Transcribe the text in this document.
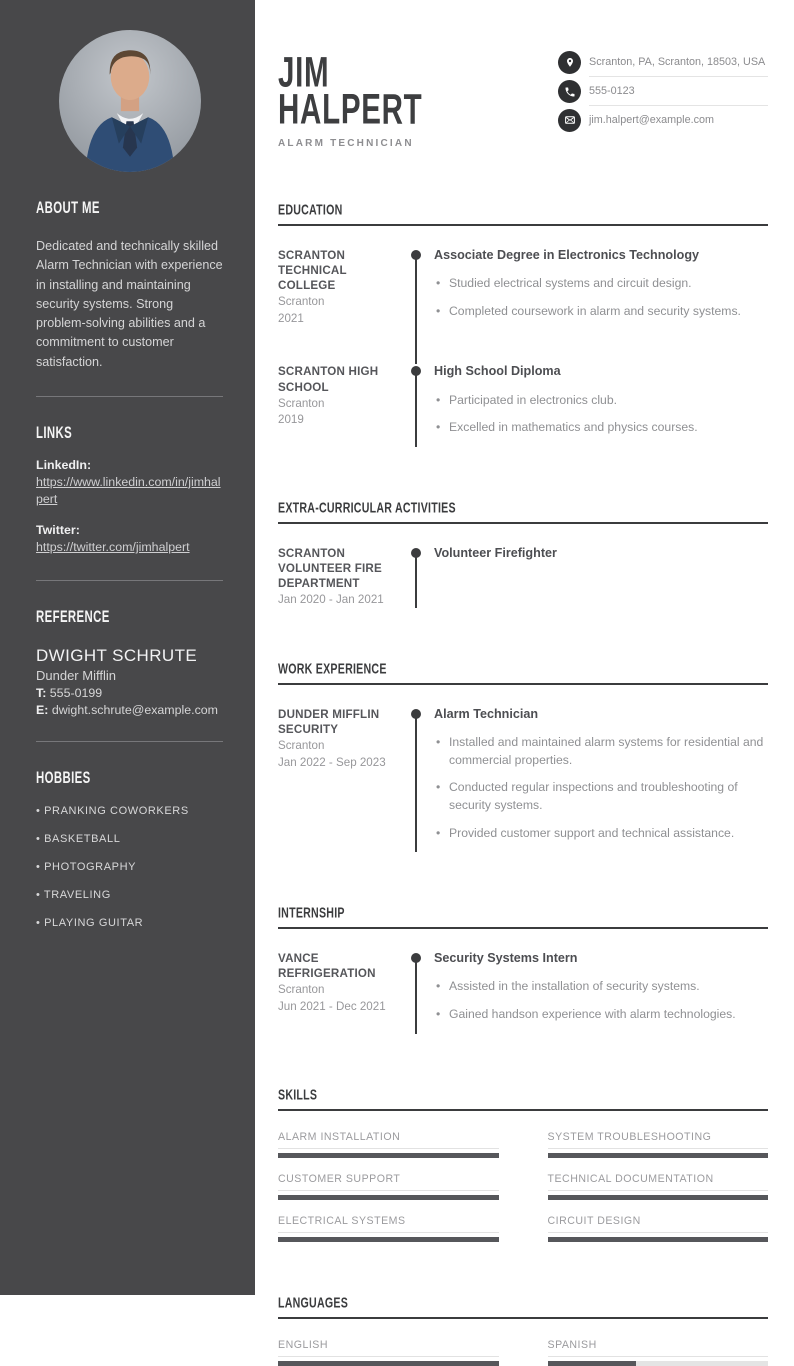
ABOUT ME

Dedicated and technically skilled Alarm Technician with experience in installing and maintaining security systems. Strong problem-solving abilities and a commitment to customer satisfaction.

LINKS
LinkedIn:
https://www.linkedin.com/in/jimhalpert
Twitter:
https://twitter.com/jimhalpert
REFERENCE
DWIGHT SCHRUTE
Dunder Mifflin
T: 555-0199
E: dwight.schrute@example.com
HOBBIES
• PRANKING COWORKERS
• BASKETBALL
• PHOTOGRAPHY
• TRAVELING
• PLAYING GUITAR
JIM
HALPERT
ALARM TECHNICIAN
Scranton, PA, Scranton, 18503, USA
555-0123
jim.halpert@example.com
EDUCATION
SCRANTON TECHNICAL COLLEGE
Scranton
2021
Associate Degree in Electronics Technology
• Studied electrical systems and circuit design.
• Completed coursework in alarm and security systems.
SCRANTON HIGH SCHOOL
Scranton
2019
High School Diploma
• Participated in electronics club.
• Excelled in mathematics and physics courses.
EXTRA-CURRICULAR ACTIVITIES
SCRANTON VOLUNTEER FIRE DEPARTMENT
Jan 2020 - Jan 2021
Volunteer Firefighter
WORK EXPERIENCE
DUNDER MIFFLIN SECURITY
Scranton
Jan 2022 - Sep 2023
Alarm Technician
• Installed and maintained alarm systems for residential and commercial properties.
• Conducted regular inspections and troubleshooting of security systems.
• Provided customer support and technical assistance.
INTERNSHIP
VANCE REFRIGERATION
Scranton
Jun 2021 - Dec 2021
Security Systems Intern
• Assisted in the installation of security systems.
• Gained handson experience with alarm technologies.
SKILLS
ALARM INSTALLATION	SYSTEM TROUBLESHOOTING
CUSTOMER SUPPORT	TECHNICAL DOCUMENTATION
ELECTRICAL SYSTEMS	CIRCUIT DESIGN
LANGUAGES
ENGLISH	SPANISH
